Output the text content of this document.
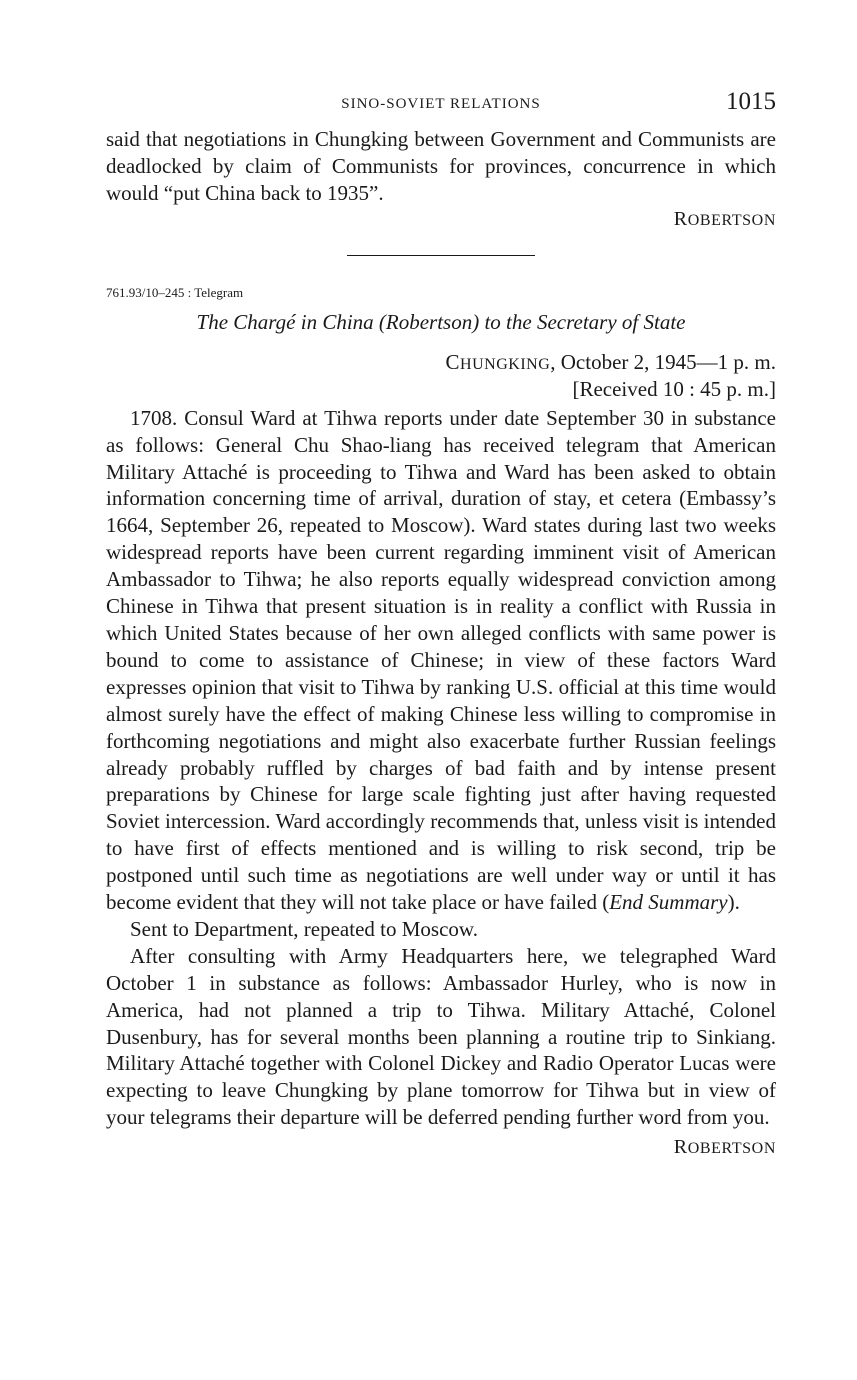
SINO-SOVIET RELATIONS	1015

said that negotiations in Chungking between Government and Communists are deadlocked by claim of Communists for provinces, concurrence in which would “put China back to 1935”.

ROBERTSON
761.93/10–245 : Telegram
The Chargé in China (Robertson) to the Secretary of State
CHUNGKING, October 2, 1945—1 p. m.
[Received 10 : 45 p. m.]

1708. Consul Ward at Tihwa reports under date September 30 in substance as follows: General Chu Shao-liang has received telegram that American Military Attaché is proceeding to Tihwa and Ward has been asked to obtain information concerning time of arrival, duration of stay, et cetera (Embassy’s 1664, September 26, repeated to Moscow). Ward states during last two weeks widespread reports have been current regarding imminent visit of American Ambassador to Tihwa; he also reports equally widespread conviction among Chinese in Tihwa that present situation is in reality a conflict with Russia in which United States because of her own alleged conflicts with same power is bound to come to assistance of Chinese; in view of these factors Ward expresses opinion that visit to Tihwa by ranking U.S. official at this time would almost surely have the effect of making Chinese less willing to compromise in forthcoming negotiations and might also exacerbate further Russian feelings already probably ruffled by charges of bad faith and by intense present preparations by Chinese for large scale fighting just after having requested Soviet intercession. Ward accordingly recommends that, unless visit is intended to have first of effects mentioned and is willing to risk second, trip be postponed until such time as negotiations are well under way or until it has become evident that they will not take place or have failed (End Summary).

Sent to Department, repeated to Moscow.

After consulting with Army Headquarters here, we telegraphed Ward October 1 in substance as follows: Ambassador Hurley, who is now in America, had not planned a trip to Tihwa. Military Attaché, Colonel Dusenbury, has for several months been planning a routine trip to Sinkiang. Military Attaché together with Colonel Dickey and Radio Operator Lucas were expecting to leave Chungking by plane tomorrow for Tihwa but in view of your telegrams their departure will be deferred pending further word from you.

ROBERTSON
